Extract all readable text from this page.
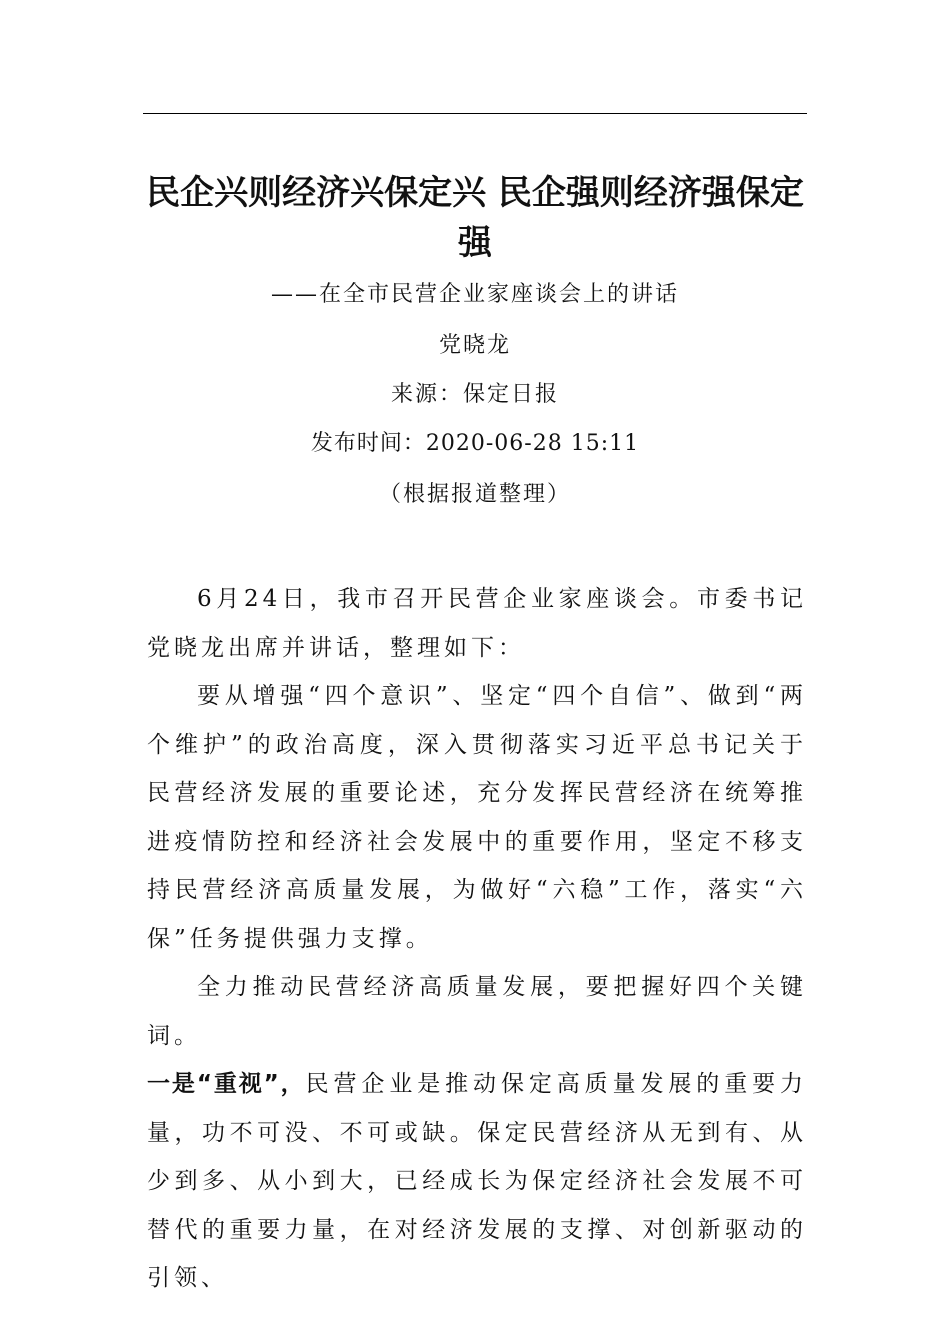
民企兴则经济兴保定兴 民企强则经济强保定强
——在全市民营企业家座谈会上的讲话
党晓龙
来源：保定日报
发布时间：2020-06-28 15:11
（根据报道整理）

6月24日，我市召开民营企业家座谈会。市委书记党晓龙出席并讲话，整理如下：

要从增强“四个意识”、坚定“四个自信”、做到“两个维护”的政治高度，深入贯彻落实习近平总书记关于民营经济发展的重要论述，充分发挥民营经济在统筹推进疫情防控和经济社会发展中的重要作用，坚定不移支持民营经济高质量发展，为做好“六稳”工作，落实“六保”任务提供强力支撑。

全力推动民营经济高质量发展，要把握好四个关键词。

一是“重视”，民营企业是推动保定高质量发展的重要力量，功不可没、不可或缺。保定民营经济从无到有、从少到多、从小到大，已经成长为保定经济社会发展不可替代的重要力量，在对经济发展的支撑、对创新驱动的引领、
